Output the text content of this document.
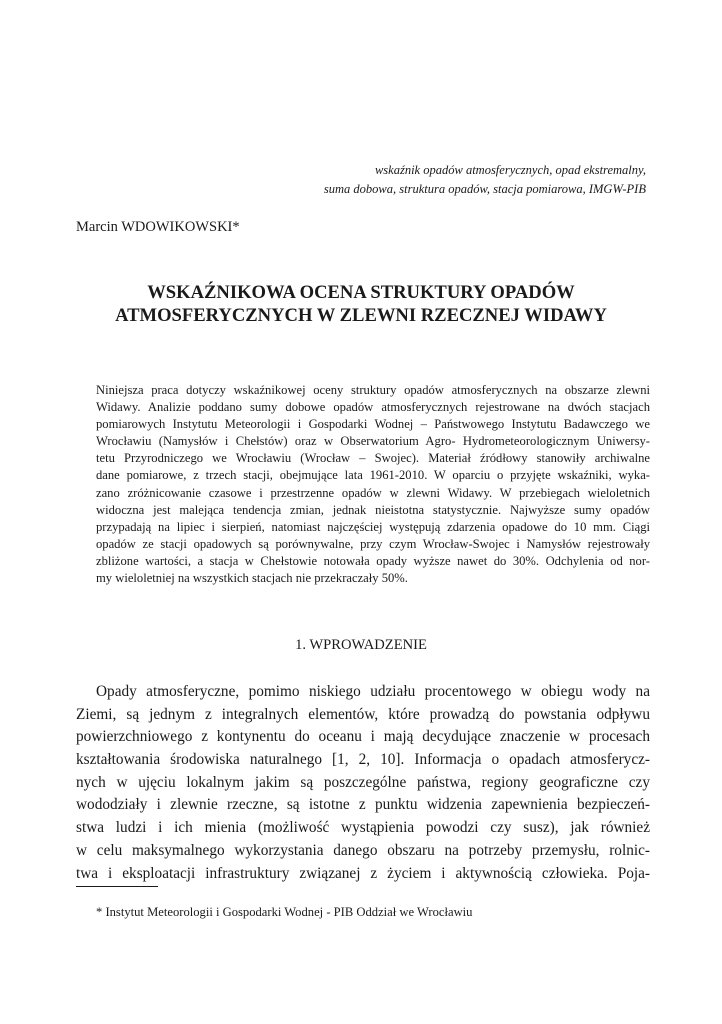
wskaźnik opadów atmosferycznych, opad ekstremalny,
suma dobowa, struktura opadów, stacja pomiarowa, IMGW-PIB
Marcin WDOWIKOWSKI*
WSKAŹNIKOWA OCENA STRUKTURY OPADÓW
ATMOSFERYCZNYCH W ZLEWNI RZECZNEJ WIDAWY
Niniejsza praca dotyczy wskaźnikowej oceny struktury opadów atmosferycznych na obszarze zlewni
Widawy. Analizie poddano sumy dobowe opadów atmosferycznych rejestrowane na dwóch stacjach
pomiarowych Instytutu Meteorologii i Gospodarki Wodnej – Państwowego Instytutu Badawczego we
Wrocławiu (Namysłów i Chełstów) oraz w Obserwatorium Agro- Hydrometeorologicznym Uniwersy-
tetu Przyrodniczego we Wrocławiu (Wrocław – Swojec). Materiał źródłowy stanowiły archiwalne
dane pomiarowe, z trzech stacji, obejmujące lata 1961-2010. W oparciu o przyjęte wskaźniki, wyka-
zano zróżnicowanie czasowe i przestrzenne opadów w zlewni Widawy. W przebiegach wieloletnich
widoczna jest malejąca tendencja zmian, jednak nieistotna statystycznie. Najwyższe sumy opadów
przypadają na lipiec i sierpień, natomiast najczęściej występują zdarzenia opadowe do 10 mm. Ciągi
opadów ze stacji opadowych są porównywalne, przy czym Wrocław-Swojec i Namysłów rejestrowały
zbliżone wartości, a stacja w Chełstowie notowała opady wyższe nawet do 30%. Odchylenia od nor-
my wieloletniej na wszystkich stacjach nie przekraczały 50%.
1. WPROWADZENIE
Opady atmosferyczne, pomimo niskiego udziału procentowego w obiegu wody na
Ziemi, są jednym z integralnych elementów, które prowadzą do powstania odpływu
powierzchniowego z kontynentu do oceanu i mają decydujące znaczenie w procesach
kształtowania środowiska naturalnego [1, 2, 10]. Informacja o opadach atmosferycz-
nych w ujęciu lokalnym jakim są poszczególne państwa, regiony geograficzne czy
wododziały i zlewnie rzeczne, są istotne z punktu widzenia zapewnienia bezpieczeń-
stwa ludzi i ich mienia (możliwość wystąpienia powodzi czy susz), jak również
w celu maksymalnego wykorzystania danego obszaru na potrzeby przemysłu, rolnic-
twa i eksploatacji infrastruktury związanej z życiem i aktywnością człowieka. Poja-
* Instytut Meteorologii i Gospodarki Wodnej - PIB Oddział we Wrocławiu
